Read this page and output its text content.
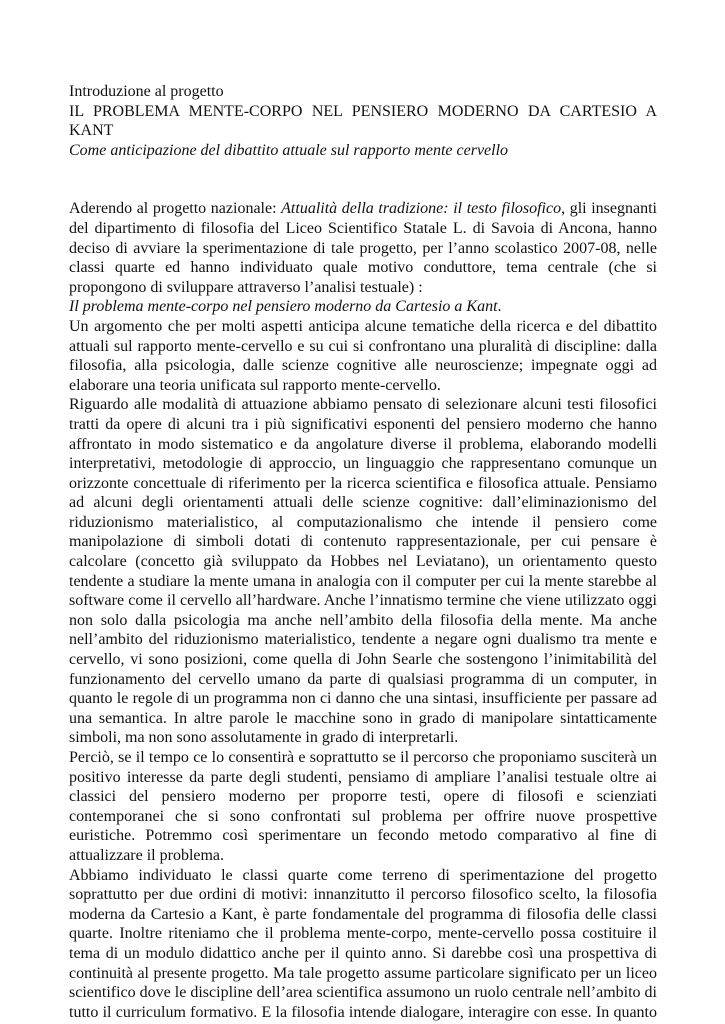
Introduzione al progetto

IL PROBLEMA MENTE-CORPO NEL PENSIERO MODERNO DA CARTESIO A KANT

Come anticipazione del dibattito attuale sul rapporto mente cervello

Aderendo al progetto nazionale: Attualità della tradizione: il testo filosofico, gli insegnanti del dipartimento di filosofia del Liceo Scientifico Statale L. di Savoia di Ancona, hanno deciso di avviare la sperimentazione di tale progetto, per l’anno scolastico 2007-08, nelle classi quarte ed hanno individuato quale motivo conduttore, tema centrale (che si propongono di sviluppare attraverso l’analisi testuale) :

Il problema mente-corpo nel pensiero moderno da Cartesio a Kant.

Un argomento che per molti aspetti anticipa alcune tematiche della ricerca e del dibattito attuali sul rapporto mente-cervello e su cui si confrontano una pluralità di discipline: dalla filosofia, alla psicologia, dalle scienze cognitive alle neuroscienze; impegnate oggi ad elaborare una teoria unificata sul rapporto mente-cervello.

Riguardo alle modalità di attuazione abbiamo pensato di selezionare alcuni testi filosofici tratti da opere di alcuni tra i più significativi esponenti del pensiero moderno che hanno affrontato in modo sistematico e da angolature diverse il problema, elaborando modelli interpretativi, metodologie di approccio, un linguaggio che rappresentano comunque un orizzonte concettuale di riferimento per la ricerca scientifica e filosofica attuale. Pensiamo ad alcuni degli orientamenti attuali delle scienze cognitive: dall’eliminazionismo del riduzionismo materialistico, al computazionalismo che intende il pensiero come manipolazione di simboli dotati di contenuto rappresentazionale, per cui pensare è calcolare (concetto già sviluppato da Hobbes nel Leviatano), un orientamento questo tendente a studiare la mente umana in analogia con il computer per cui la mente starebbe al software come il cervello all’hardware. Anche l’innatismo termine che viene utilizzato oggi non solo dalla psicologia ma anche nell’ambito della filosofia della mente. Ma anche nell’ambito del riduzionismo materialistico, tendente a negare ogni dualismo tra mente e cervello, vi sono posizioni, come quella di John Searle che sostengono l’inimitabilità del funzionamento del cervello umano da parte di qualsiasi programma di un computer, in quanto le regole di un programma non ci danno che una sintasi, insufficiente per passare ad una semantica. In altre parole le macchine sono in grado di manipolare sintatticamente simboli, ma non sono assolutamente in grado di interpretarli.

Perciò, se il tempo ce lo consentirà e soprattutto se il percorso che proponiamo susciterà un positivo interesse da parte degli studenti, pensiamo di ampliare l’analisi testuale oltre ai classici del pensiero moderno per proporre testi, opere di filosofi e scienziati contemporanei che si sono confrontati sul problema per offrire nuove prospettive euristiche. Potremmo così sperimentare un fecondo metodo comparativo al fine di attualizzare il problema.

Abbiamo individuato le classi quarte come terreno di sperimentazione del progetto soprattutto per due ordini di motivi: innanzitutto il percorso filosofico scelto, la filosofia moderna da Cartesio a Kant, è parte fondamentale del programma di filosofia delle classi quarte. Inoltre riteniamo che il problema mente-corpo, mente-cervello possa costituire il tema di un modulo didattico anche per il quinto anno. Si darebbe così una prospettiva di continuità al presente progetto. Ma tale progetto assume particolare significato per un liceo scientifico dove le discipline dell’area scientifica assumono un ruolo centrale nell’ambito di tutto il curriculum formativo. E la filosofia intende dialogare, interagire con esse. In quanto
